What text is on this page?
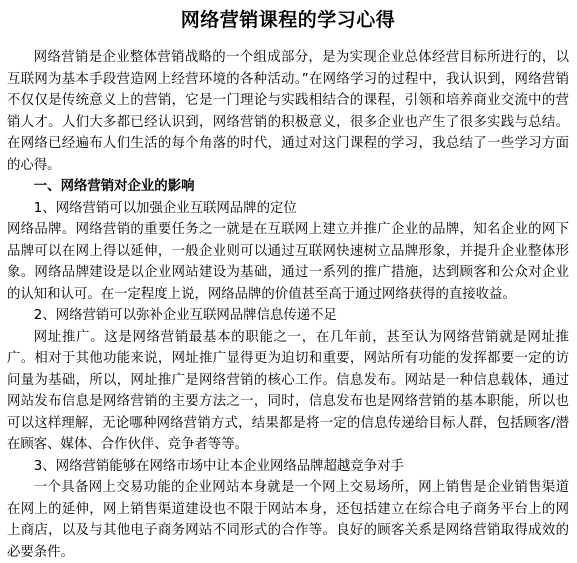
网络营销课程的学习心得

网络营销是企业整体营销战略的一个组成部分，是为实现企业总体经营目标所进行的，以互联网为基本手段营造网上经营环境的各种活动。”在网络学习的过程中，我认识到，网络营销不仅仅是传统意义上的营销，它是一门理论与实践相结合的课程，引领和培养商业交流中的营销人才。人们大多都已经认识到，网络营销的积极意义，很多企业也产生了很多实践与总结。在网络已经遍布人们生活的每个角落的时代，通过对这门课程的学习，我总结了一些学习方面的心得。

一、网络营销对企业的影响

1、网络营销可以加强企业互联网品牌的定位

网络品牌。网络营销的重要任务之一就是在互联网上建立并推广企业的品牌，知名企业的网下品牌可以在网上得以延伸，一般企业则可以通过互联网快速树立品牌形象，并提升企业整体形象。网络品牌建设是以企业网站建设为基础，通过一系列的推广措施，达到顾客和公众对企业的认知和认可。在一定程度上说，网络品牌的价值甚至高于通过网络获得的直接收益。

2、网络营销可以弥补企业互联网品牌信息传递不足

网址推广。这是网络营销最基本的职能之一，在几年前，甚至认为网络营销就是网址推广。相对于其他功能来说，网址推广显得更为迫切和重要，网站所有功能的发挥都要一定的访问量为基础，所以，网址推广是网络营销的核心工作。信息发布。网站是一种信息载体，通过网站发布信息是网络营销的主要方法之一，同时，信息发布也是网络营销的基本职能，所以也可以这样理解，无论哪种网络营销方式，结果都是将一定的信息传递给目标人群，包括顾客/潜在顾客、媒体、合作伙伴、竞争者等等。

3、网络营销能够在网络市场中让本企业网络品牌超越竞争对手

一个具备网上交易功能的企业网站本身就是一个网上交易场所，网上销售是企业销售渠道在网上的延伸，网上销售渠道建设也不限于网站本身，还包括建立在综合电子商务平台上的网上商店，以及与其他电子商务网站不同形式的合作等。良好的顾客关系是网络营销取得成效的必要条件。
